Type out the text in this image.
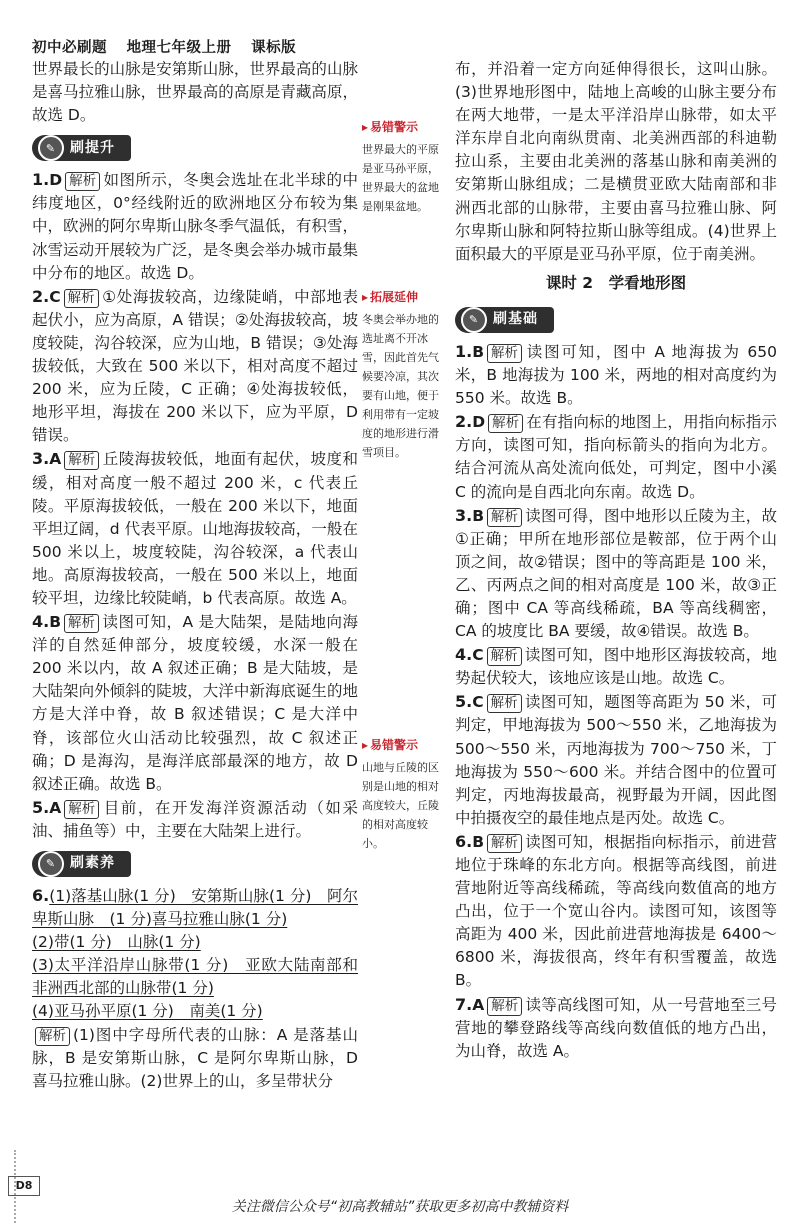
初中必刷题 地理七年级上册 课标版

世界最长的山脉是安第斯山脉，世界最高的山脉是喜马拉雅山脉，世界最高的高原是青藏高原，故选 D。

✎ 刷提升

1.D 解析 如图所示，冬奥会选址在北半球的中纬度地区，0°经线附近的欧洲地区分布较为集中，欧洲的阿尔卑斯山脉冬季气温低，有积雪，冰雪运动开展较为广泛，是冬奥会举办城市最集中分布的地区。故选 D。

2.C 解析 ①处海拔较高，边缘陡峭，中部地表起伏小，应为高原，A 错误；②处海拔较高，坡度较陡，沟谷较深，应为山地，B 错误；③处海拔较低，大致在 500 米以下，相对高度不超过 200 米，应为丘陵，C 正确；④处海拔较低，地形平坦，海拔在 200 米以下，应为平原，D 错误。

3.A 解析 丘陵海拔较低，地面有起伏，坡度和缓，相对高度一般不超过 200 米，c 代表丘陵。平原海拔较低，一般在 200 米以下，地面平坦辽阔，d 代表平原。山地海拔较高，一般在 500 米以上，坡度较陡，沟谷较深，a 代表山地。高原海拔较高，一般在 500 米以上，地面较平坦，边缘比较陡峭，b 代表高原。故选 A。

4.B 解析 读图可知，A 是大陆架，是陆地向海洋的自然延伸部分，坡度较缓，水深一般在 200 米以内，故 A 叙述正确；B 是大陆坡，是大陆架向外倾斜的陡坡，大洋中新海底诞生的地方是大洋中脊，故 B 叙述错误；C 是大洋中脊，该部位火山活动比较强烈，故 C 叙述正确；D 是海沟，是海洋底部最深的地方，故 D 叙述正确。故选 B。

5.A 解析 目前，在开发海洋资源活动（如采油、捕鱼等）中，主要在大陆架上进行。

✎ 刷素养

6.(1)落基山脉(1 分)　安第斯山脉(1 分)　阿尔卑斯山脉　(1 分)喜马拉雅山脉(1 分)

(2)带(1 分)　山脉(1 分)

(3)太平洋沿岸山脉带(1 分)　亚欧大陆南部和非洲西北部的山脉带(1 分)

(4)亚马孙平原(1 分)　南美(1 分)

解析 (1)图中字母所代表的山脉：A 是落基山脉，B 是安第斯山脉，C 是阿尔卑斯山脉，D 喜马拉雅山脉。(2)世界上的山，多呈带状分

▸ 易错警示
世界最大的平原是亚马孙平原，世界最大的盆地是刚果盆地。
▸ 拓展延伸
冬奥会举办地的选址离不开冰雪，因此首先气候要冷凉，其次要有山地，便于利用带有一定坡度的地形进行滑雪项目。
▸ 易错警示
山地与丘陵的区别是山地的相对高度较大，丘陵的相对高度较小。

布，并沿着一定方向延伸得很长，这叫山脉。(3)世界地形图中，陆地上高峻的山脉主要分布在两大地带，一是太平洋沿岸山脉带，如太平洋东岸自北向南纵贯南、北美洲西部的科迪勒拉山系，主要由北美洲的落基山脉和南美洲的安第斯山脉组成；二是横贯亚欧大陆南部和非洲西北部的山脉带，主要由喜马拉雅山脉、阿尔卑斯山脉和阿特拉斯山脉等组成。(4)世界上面积最大的平原是亚马孙平原，位于南美洲。

课时 2　学看地形图
✎ 刷基础

1.B 解析 读图可知，图中 A 地海拔为 650 米，B 地海拔为 100 米，两地的相对高度约为 550 米。故选 B。

2.D 解析 在有指向标的地图上，用指向标指示方向，读图可知，指向标箭头的指向为北方。结合河流从高处流向低处，可判定，图中小溪 C 的流向是自西北向东南。故选 D。

3.B 解析 读图可得，图中地形以丘陵为主，故①正确；甲所在地形部位是鞍部，位于两个山顶之间，故②错误；图中的等高距是 100 米，乙、丙两点之间的相对高度是 100 米，故③正确；图中 CA 等高线稀疏，BA 等高线稠密，CA 的坡度比 BA 要缓，故④错误。故选 B。

4.C 解析 读图可知，图中地形区海拔较高，地势起伏较大，该地应该是山地。故选 C。

5.C 解析 读图可知，题图等高距为 50 米，可判定，甲地海拔为 500～550 米，乙地海拔为 500～550 米，丙地海拔为 700～750 米，丁地海拔为 550～600 米。并结合图中的位置可判定，丙地海拔最高，视野最为开阔，因此图中拍摄夜空的最佳地点是丙处。故选 C。

6.B 解析 读图可知，根据指向标指示，前进营地位于珠峰的东北方向。根据等高线图，前进营地附近等高线稀疏，等高线向数值高的地方凸出，位于一个宽山谷内。读图可知，该图等高距为 400 米，因此前进营地海拔是 6400～6800 米，海拔很高，终年有积雪覆盖，故选 B。

7.A 解析 读等高线图可知，从一号营地至三号营地的攀登路线等高线向数值低的地方凸出，为山脊，故选 A。

D8
关注微信公众号“初高教辅站”获取更多初高中教辅资料
